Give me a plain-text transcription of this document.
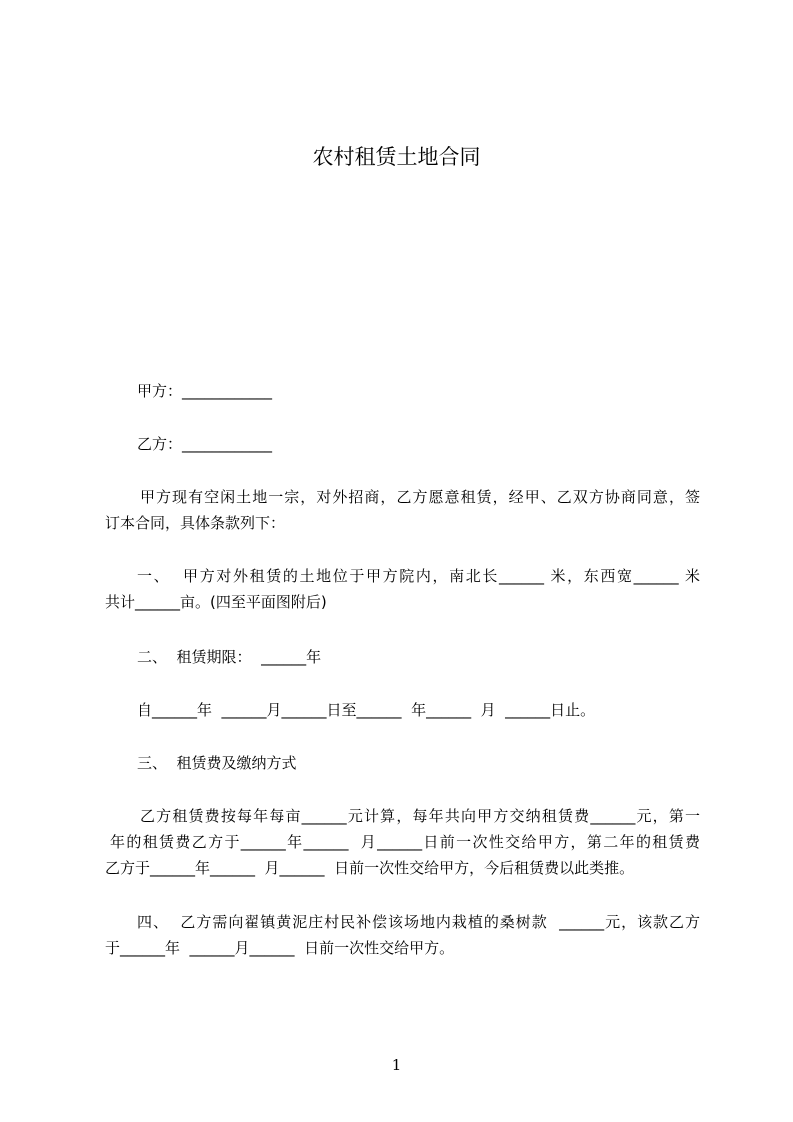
农村租赁土地合同
甲方：____________
乙方：____________
甲方现有空闲土地一宗，对外招商，乙方愿意租赁，经甲、乙双方协商同意，签
订本合同，具体条款列下：
一、  甲方对外租赁的土地位于甲方院内，南北长______ 米，东西宽______ 米
共计______亩。(四至平面图附后)
二、  租赁期限：  ______年
自______年  ______月______日至______  年______  月  ______日止。
三、  租赁费及缴纳方式
乙方租赁费按每年每亩______元计算，每年共向甲方交纳租赁费______元，第一
年的租赁费乙方于______年______  月______日前一次性交给甲方，第二年的租赁费
乙方于______年______  月______  日前一次性交给甲方，今后租赁费以此类推。
四、  乙方需向翟镇黄泥庄村民补偿该场地内栽植的桑树款  ______元，该款乙方
于______年  ______月______  日前一次性交给甲方。
1
